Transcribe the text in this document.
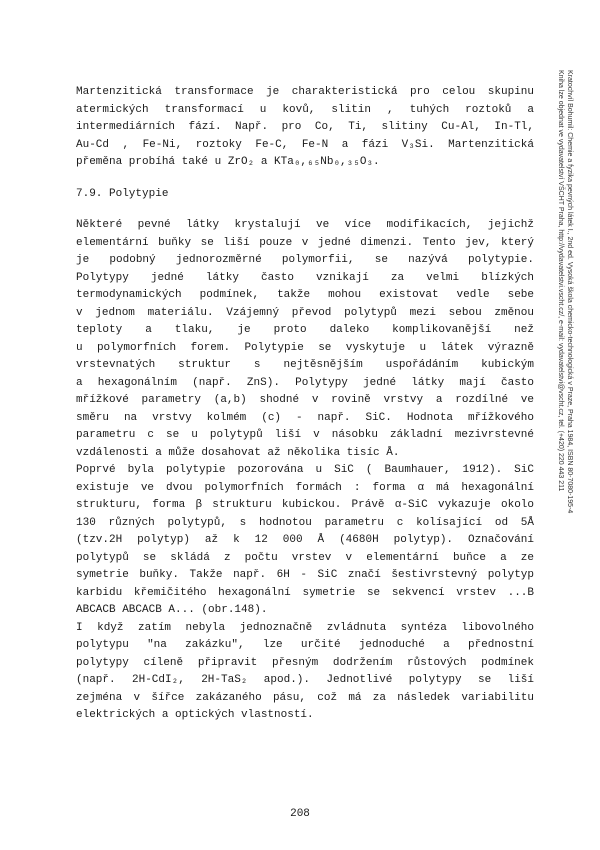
Kratochvíl Bohumil: Chemie a fyzika pevných látek I., 2nd ed. Vysoká škola chemicko-technologická v Praze, Praha 1984, ISBN 80-7080-195-4
Kniha lze objednat ve vydavatelství VŠCHT Praha, http://vydavatelstvi.vscht.cz/, e-mail: vydavatelstvi@vscht.cz, tel. (+420) 220 443 211

Martenzitická transformace je charakteristická pro celou skupinu

atermických transformací u kovů, slitin , tuhých roztoků a

intermediárních fází. Např. pro Co, Ti, slitiny Cu-Al, In-Tl,

Au-Cd , Fe-Ni, roztoky Fe-C, Fe-N a fázi V₃Si. Martenzitická

přeměna probíhá také u ZrO₂ a KTa₀,₆₅Nb₀,₃₅O₃.

7.9. Polytypie

Některé pevné látky krystalují ve více modifikacích, jejichž

elementární buňky se liší pouze v jedné dimenzi. Tento jev, který

je podobný jednorozměrné polymorfii, se nazývá polytypie.

Polytypy jedné látky často vznikají za velmi blízkých

termodynamických podmínek, takže mohou existovat vedle sebe

v jednom materiálu. Vzájemný převod polytypů mezi sebou změnou

teploty a tlaku, je proto daleko komplikovanější než

u polymorfních forem. Polytypie se vyskytuje u látek výrazně

vrstevnatých struktur s nejtěsnějším uspořádáním kubickým

a hexagonálním (např. ZnS). Polytypy jedné látky mají často

mřížkové parametry (a,b) shodné v rovině vrstvy a rozdílné ve

směru na vrstvy kolmém (c) - např. SiC. Hodnota mřížkového

parametru c se u polytypů liší v násobku základní mezivrstevné

vzdálenosti a může dosahovat až několika tisíc Å.

Poprvé byla polytypie pozorována u SiC ( Baumhauer, 1912). SiC

existuje ve dvou polymorfních formách : forma α má hexagonální

strukturu, forma β strukturu kubickou. Právě α-SiC vykazuje okolo

130 různých polytypů, s hodnotou parametru c kolísající od 5Å

(tzv.2H polytyp) až k 12 000 Å (4680H polytyp). Označování

polytypů se skládá z počtu vrstev v elementární buňce a ze

symetrie buňky. Takže např. 6H - SiC značí šestivrstevný polytyp

karbidu křemičitého hexagonální symetrie se sekvencí vrstev ...B

ABCACB ABCACB A... (obr.148).

I když zatím nebyla jednoznačně zvládnuta syntéza libovolného

polytypu "na zakázku", lze určité jednoduché a přednostní

polytypy cíleně připravit přesným dodržením růstových podmínek

(např. 2H-CdI₂, 2H-TaS₂ apod.). Jednotlivé polytypy se liší

zejména v šířce zakázaného pásu, což má za následek variabilitu

elektrických a optických vlastností.

208
